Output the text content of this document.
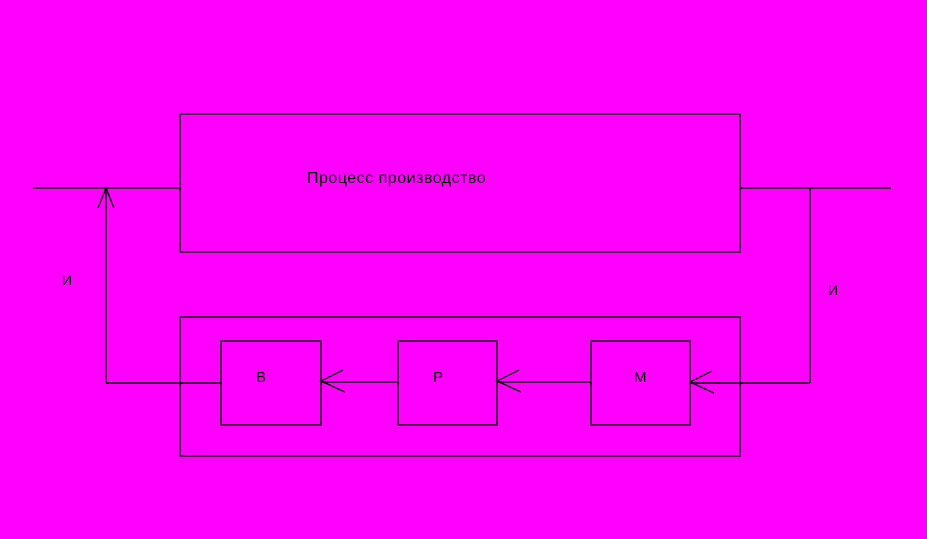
Процесс производство
В	Р	М
И
И
